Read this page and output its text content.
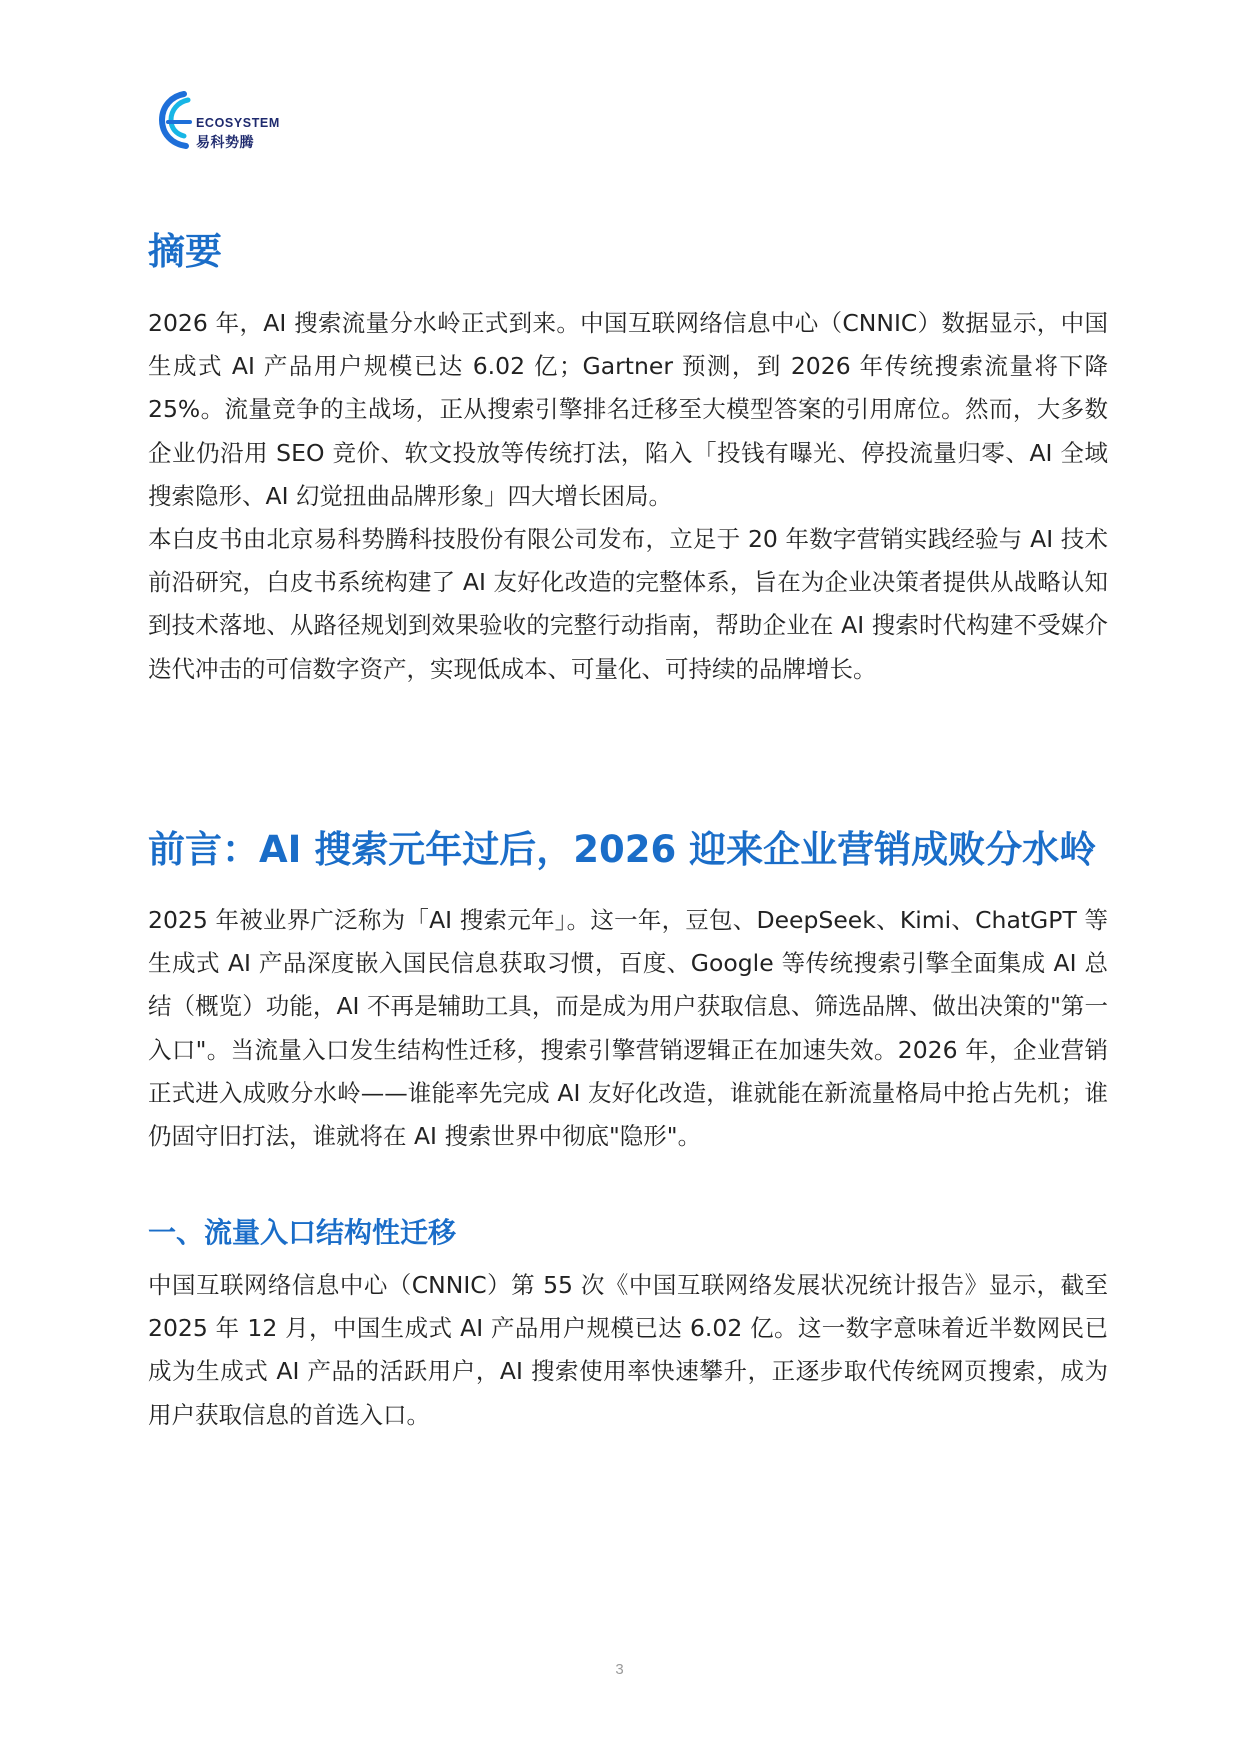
ECOSYSTEM
易科势腾
摘要

2026 年，AI 搜索流量分水岭正式到来。中国互联网络信息中心（CNNIC）数据显示，中国生成式 AI 产品用户规模已达 6.02 亿；Gartner 预测，到 2026 年传统搜索流量将下降 25%。流量竞争的主战场，正从搜索引擎排名迁移至大模型答案的引用席位。然而，大多数企业仍沿用 SEO 竞价、软文投放等传统打法，陷入「投钱有曝光、停投流量归零、AI 全域搜索隐形、AI 幻觉扭曲品牌形象」四大增长困局。

本白皮书由北京易科势腾科技股份有限公司发布，立足于 20 年数字营销实践经验与 AI 技术前沿研究，白皮书系统构建了 AI 友好化改造的完整体系，旨在为企业决策者提供从战略认知到技术落地、从路径规划到效果验收的完整行动指南，帮助企业在 AI 搜索时代构建不受媒介迭代冲击的可信数字资产，实现低成本、可量化、可持续的品牌增长。

前言：AI 搜索元年过后，2026 迎来企业营销成败分水岭

2025 年被业界广泛称为「AI 搜索元年」。这一年，豆包、DeepSeek、Kimi、ChatGPT 等生成式 AI 产品深度嵌入国民信息获取习惯，百度、Google 等传统搜索引擎全面集成 AI 总结（概览）功能，AI 不再是辅助工具，而是成为用户获取信息、筛选品牌、做出决策的"第一入口"。当流量入口发生结构性迁移，搜索引擎营销逻辑正在加速失效。2026 年，企业营销正式进入成败分水岭——谁能率先完成 AI 友好化改造，谁就能在新流量格局中抢占先机；谁仍固守旧打法，谁就将在 AI 搜索世界中彻底"隐形"。

一、流量入口结构性迁移

中国互联网络信息中心（CNNIC）第 55 次《中国互联网络发展状况统计报告》显示，截至 2025 年 12 月，中国生成式 AI 产品用户规模已达 6.02 亿。这一数字意味着近半数网民已成为生成式 AI 产品的活跃用户，AI 搜索使用率快速攀升，正逐步取代传统网页搜索，成为用户获取信息的首选入口。

3
